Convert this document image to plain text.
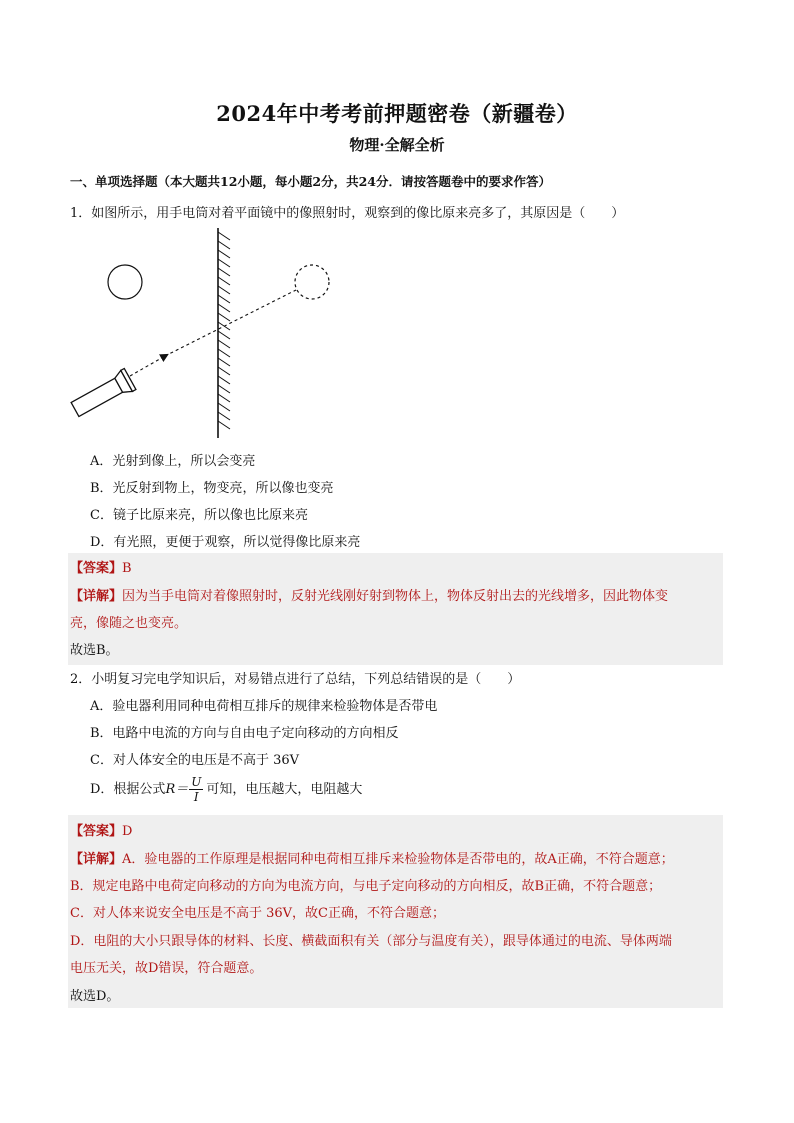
2024年中考考前押题密卷（新疆卷）
物理·全解全析
一、单项选择题（本大题共12小题，每小题2分，共24分．请按答题卷中的要求作答）
1．如图所示，用手电筒对着平面镜中的像照射时，观察到的像比原来亮多了，其原因是（　　）
A．光射到像上，所以会变亮
B．光反射到物上，物变亮，所以像也变亮
C．镜子比原来亮，所以像也比原来亮
D．有光照，更便于观察，所以觉得像比原来亮
【答案】B
【详解】因为当手电筒对着像照射时，反射光线刚好射到物体上，物体反射出去的光线增多，因此物体变
亮，像随之也变亮。
故选B。
2．小明复习完电学知识后，对易错点进行了总结，下列总结错误的是（　　）
A．验电器利用同种电荷相互排斥的规律来检验物体是否带电
B．电路中电流的方向与自由电子定向移动的方向相反
C．对人体安全的电压是不高于 36V
D．根据公式$R= \frac{U}{I}$ 可知，电压越大，电阻越大
【答案】D
【详解】A．验电器的工作原理是根据同种电荷相互排斥来检验物体是否带电的，故A正确，不符合题意；
B．规定电路中电荷定向移动的方向为电流方向，与电子定向移动的方向相反，故B正确，不符合题意；
C．对人体来说安全电压是不高于 36V，故C正确，不符合题意；
D．电阻的大小只跟导体的材料、长度、横截面积有关（部分与温度有关），跟导体通过的电流、导体两端
电压无关，故D错误，符合题意。
故选D。
